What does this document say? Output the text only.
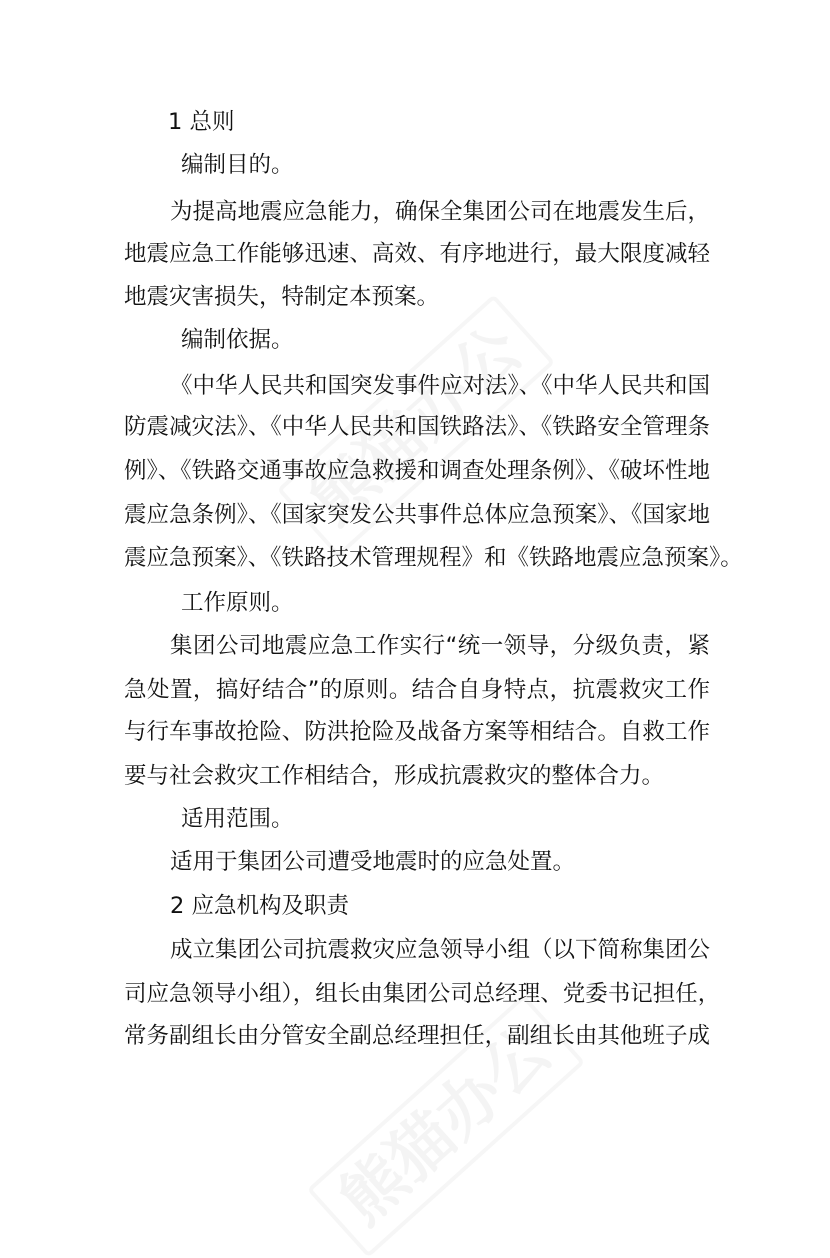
1 总则
编制目的。
为提高地震应急能力，确保全集团公司在地震发生后，
地震应急工作能够迅速、高效、有序地进行，最大限度减轻
地震灾害损失，特制定本预案。
编制依据。
《中华人民共和国突发事件应对法》、《中华人民共和国
防震减灾法》、《中华人民共和国铁路法》、《铁路安全管理条
例》、《铁路交通事故应急救援和调查处理条例》、《破坏性地
震应急条例》、《国家突发公共事件总体应急预案》、《国家地
震应急预案》、《铁路技术管理规程》和《铁路地震应急预案》。
工作原则。
集团公司地震应急工作实行“统一领导，分级负责，紧
急处置，搞好结合”的原则。结合自身特点，抗震救灾工作
与行车事故抢险、防洪抢险及战备方案等相结合。自救工作
要与社会救灾工作相结合，形成抗震救灾的整体合力。
适用范围。
适用于集团公司遭受地震时的应急处置。
2 应急机构及职责
成立集团公司抗震救灾应急领导小组（以下简称集团公
司应急领导小组），组长由集团公司总经理、党委书记担任，
常务副组长由分管安全副总经理担任，副组长由其他班子成
